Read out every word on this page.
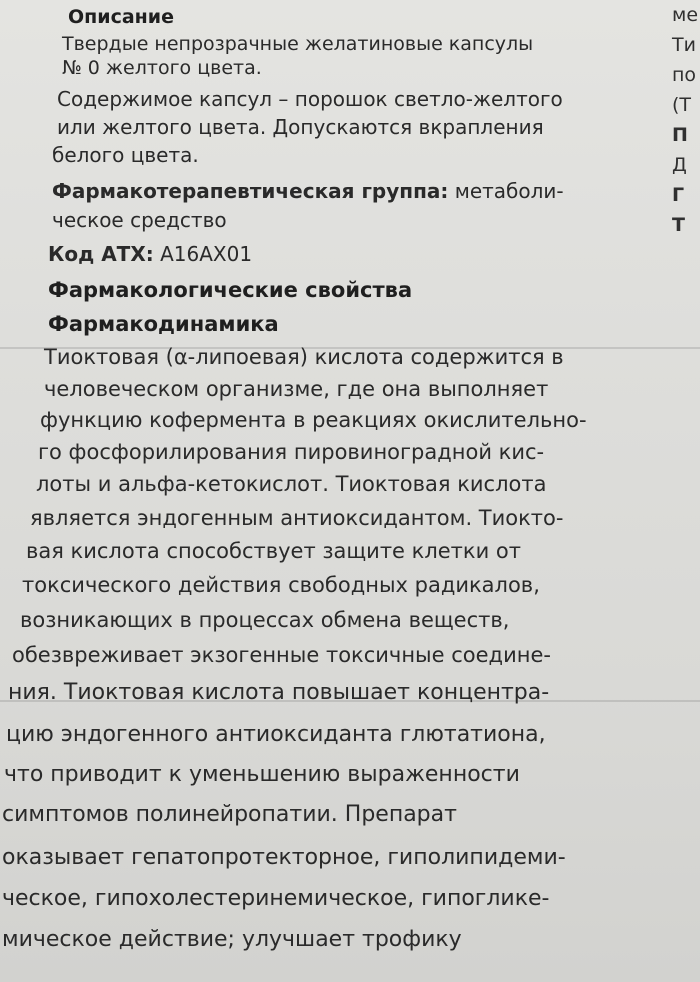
Описание
Твердые непрозрачные желатиновые капсулы
№ 0 желтого цвета.
Содержимое капсул – порошок светло-желтого
или желтого цвета. Допускаются вкрапления
белого цвета.
Фармакотерапевтическая группа: метаболи-
ческое средство
Код АТХ: A16AX01
Фармакологические свойства
Фармакодинамика
Тиоктовая (α-липоевая) кислота содержится в
человеческом организме, где она выполняет
функцию кофермента в реакциях окислительно-
го фосфорилирования пировиноградной кис-
лоты и альфа-кетокислот. Тиоктовая кислота
является эндогенным антиоксидантом. Тиокто-
вая кислота способствует защите клетки от
токсического действия свободных радикалов,
возникающих в процессах обмена веществ,
обезвреживает экзогенные токсичные соедине-
ния. Тиоктовая кислота повышает концентра-
цию эндогенного антиоксиданта глютатиона,
что приводит к уменьшению выраженности
симптомов полинейропатии. Препарат
оказывает гепатопротекторное, гиполипидеми-
ческое, гипохолестеринемическое, гипоглике-
мическое действие; улучшает трофику
ме
Ти
по
(Т
П
Д
Г
Т
